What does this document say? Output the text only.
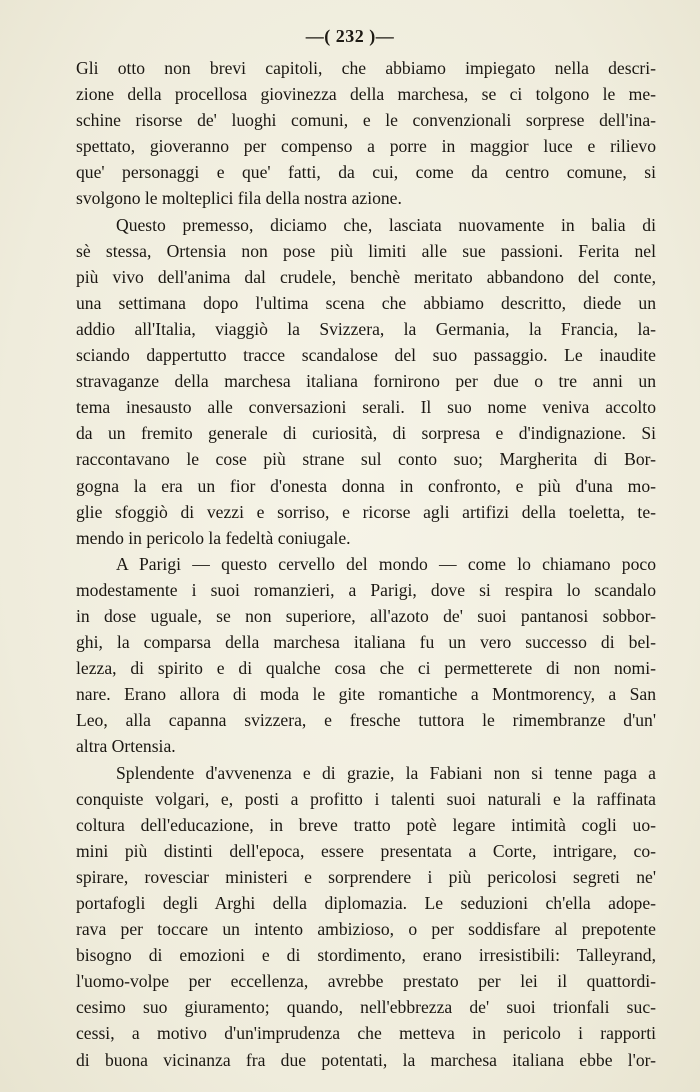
—( 232 )—
Gli otto non brevi capitoli, che abbiamo impiegato nella descri-
zione della procellosa giovinezza della marchesa, se ci tolgono le me-
schine risorse de' luoghi comuni, e le convenzionali sorprese dell'ina-
spettato, gioveranno per compenso a porre in maggior luce e rilievo
que' personaggi e que' fatti, da cui, come da centro comune, si
svolgono le molteplici fila della nostra azione.
Questo premesso, diciamo che, lasciata nuovamente in balia di
sè stessa, Ortensia non pose più limiti alle sue passioni. Ferita nel
più vivo dell'anima dal crudele, benchè meritato abbandono del conte,
una settimana dopo l'ultima scena che abbiamo descritto, diede un
addio all'Italia, viaggiò la Svizzera, la Germania, la Francia, la-
sciando dappertutto tracce scandalose del suo passaggio. Le inaudite
stravaganze della marchesa italiana fornirono per due o tre anni un
tema inesausto alle conversazioni serali. Il suo nome veniva accolto
da un fremito generale di curiosità, di sorpresa e d'indignazione. Si
raccontavano le cose più strane sul conto suo; Margherita di Bor-
gogna la era un fior d'onesta donna in confronto, e più d'una mo-
glie sfoggiò di vezzi e sorriso, e ricorse agli artifizi della toeletta, te-
mendo in pericolo la fedeltà coniugale.
A Parigi — questo cervello del mondo — come lo chiamano poco
modestamente i suoi romanzieri, a Parigi, dove si respira lo scandalo
in dose uguale, se non superiore, all'azoto de' suoi pantanosi sobbor-
ghi, la comparsa della marchesa italiana fu un vero successo di bel-
lezza, di spirito e di qualche cosa che ci permetterete di non nomi-
nare. Erano allora di moda le gite romantiche a Montmorency, a San
Leo, alla capanna svizzera, e fresche tuttora le rimembranze d'un'
altra Ortensia.
Splendente d'avvenenza e di grazie, la Fabiani non si tenne paga a
conquiste volgari, e, posti a profitto i talenti suoi naturali e la raffinata
coltura dell'educazione, in breve tratto potè legare intimità cogli uo-
mini più distinti dell'epoca, essere presentata a Corte, intrigare, co-
spirare, rovesciar ministeri e sorprendere i più pericolosi segreti ne'
portafogli degli Arghi della diplomazia. Le seduzioni ch'ella adope-
rava per toccare un intento ambizioso, o per soddisfare al prepotente
bisogno di emozioni e di stordimento, erano irresistibili: Talleyrand,
l'uomo-volpe per eccellenza, avrebbe prestato per lei il quattordi-
cesimo suo giuramento; quando, nell'ebbrezza de' suoi trionfali suc-
cessi, a motivo d'un'imprudenza che metteva in pericolo i rapporti
di buona vicinanza fra due potentati, la marchesa italiana ebbe l'or-
